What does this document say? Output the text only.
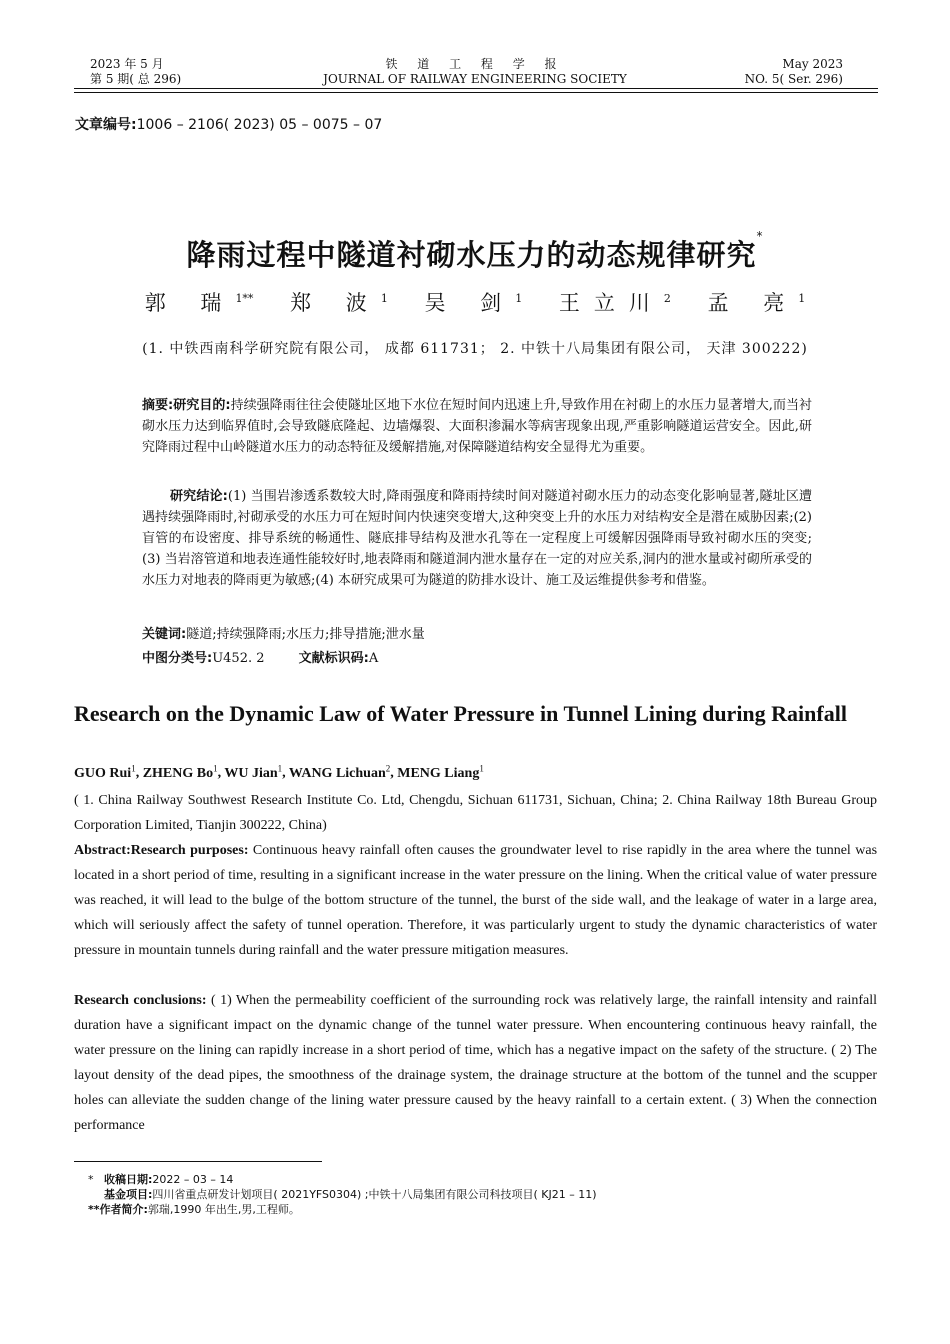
2023 年 5 月
第 5 期( 总 296)
铁 道 工 程 学 报
JOURNAL OF RAILWAY ENGINEERING SOCIETY
May 2023
NO. 5( Ser. 296)
文章编号:1006 – 2106( 2023) 05 – 0075 – 07
降雨过程中隧道衬砌水压力的动态规律研究*
郭 瑞$^{1**}$ 郑 波$^1$ 吴 剑$^1$ 王立川$^2$ 孟 亮$^1$
(1. 中铁西南科学研究院有限公司， 成都 611731； 2. 中铁十八局集团有限公司， 天津 300222)
摘要:研究目的:持续强降雨往往会使隧址区地下水位在短时间内迅速上升,导致作用在衬砌上的水压力显著增大,而当衬砌水压力达到临界值时,会导致隧底隆起、边墙爆裂、大面积渗漏水等病害现象出现,严重影响隧道运营安全。因此,研究降雨过程中山岭隧道水压力的动态特征及缓解措施,对保障隧道结构安全显得尤为重要。
研究结论:(1) 当围岩渗透系数较大时,降雨强度和降雨持续时间对隧道衬砌水压力的动态变化影响显著,隧址区遭遇持续强降雨时,衬砌承受的水压力可在短时间内快速突变增大,这种突变上升的水压力对结构安全是潜在威胁因素;(2) 盲管的布设密度、排导系统的畅通性、隧底排导结构及泄水孔等在一定程度上可缓解因强降雨导致衬砌水压的突变;(3) 当岩溶管道和地表连通性能较好时,地表降雨和隧道洞内泄水量存在一定的对应关系,洞内的泄水量或衬砌所承受的水压力对地表的降雨更为敏感;(4) 本研究成果可为隧道的防排水设计、施工及运维提供参考和借鉴。
关键词:隧道;持续强降雨;水压力;排导措施;泄水量
中图分类号:U452. 2	文献标识码:A
Research on the Dynamic Law of Water Pressure in Tunnel Lining during Rainfall
GUO Rui$^1$, ZHENG Bo$^1$, WU Jian$^1$, WANG Lichuan$^2$, MENG Liang$^1$
( 1. China Railway Southwest Research Institute Co. Ltd, Chengdu, Sichuan 611731, Sichuan, China; 2. China Railway 18th Bureau Group Corporation Limited, Tianjin 300222, China)
Abstract:Research purposes: Continuous heavy rainfall often causes the groundwater level to rise rapidly in the area where the tunnel was located in a short period of time, resulting in a significant increase in the water pressure on the lining. When the critical value of water pressure was reached, it will lead to the bulge of the bottom structure of the tunnel, the burst of the side wall, and the leakage of water in a large area, which will seriously affect the safety of tunnel operation. Therefore, it was particularly urgent to study the dynamic characteristics of water pressure in mountain tunnels during rainfall and the water pressure mitigation measures.
Research conclusions: ( 1) When the permeability coefficient of the surrounding rock was relatively large, the rainfall intensity and rainfall duration have a significant impact on the dynamic change of the tunnel water pressure. When encountering continuous heavy rainfall, the water pressure on the lining can rapidly increase in a short period of time, which has a negative impact on the safety of the structure. ( 2) The layout density of the dead pipes, the smoothness of the drainage system, the drainage structure at the bottom of the tunnel and the scupper holes can alleviate the sudden change of the lining water pressure caused by the heavy rainfall to a certain extent. ( 3) When the connection performance
* 收稿日期:2022 – 03 – 14
基金项目:四川省重点研发计划项目( 2021YFS0304) ;中铁十八局集团有限公司科技项目( KJ21 – 11)
**作者简介:郭瑞,1990 年出生,男,工程师。
